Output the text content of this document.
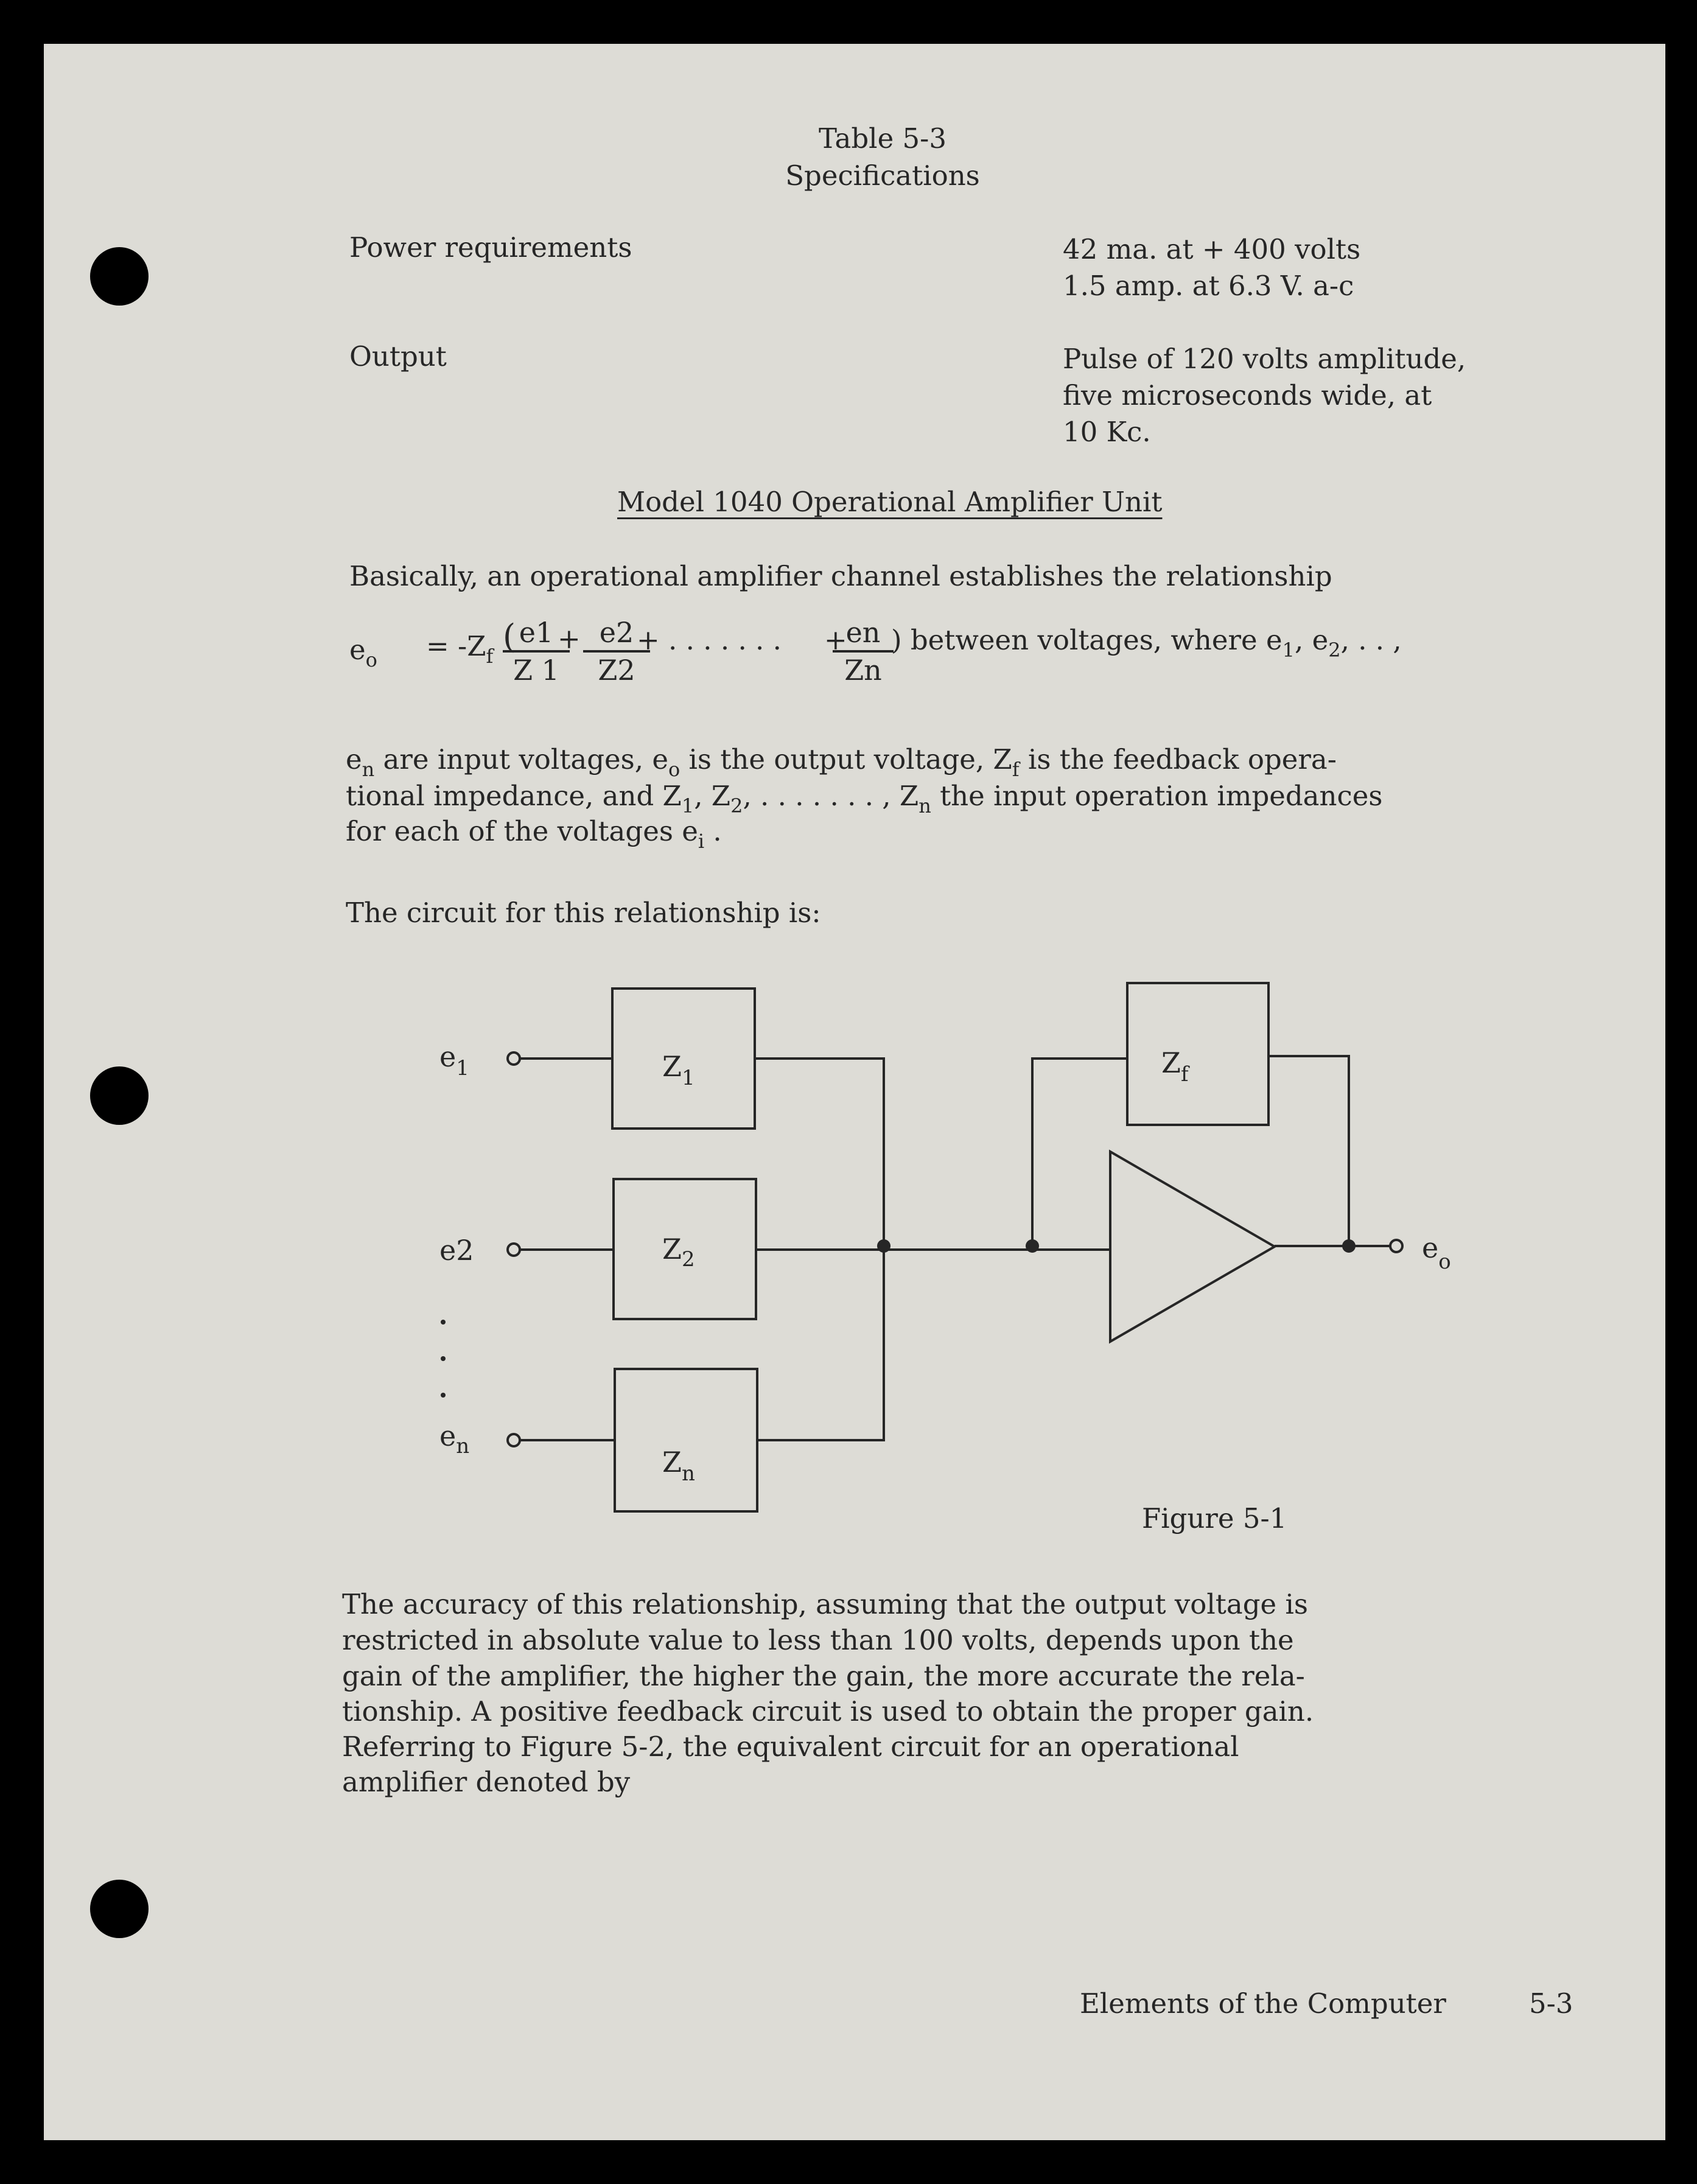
Table 5-3
Specifications
Power requirements	42 ma. at + 400 volts
1.5 amp. at 6.3 V. a-c
Output	Pulse of 120 volts amplitude,
five microseconds wide, at
10 Kc.
Model 1040 Operational Amplifier Unit
Basically, an operational amplifier channel establishes the relationship
$e_o = -Z_f$
(
$\frac{e1}{Z 1}$
+ $\frac{e2}{Z2}$
+ . . . . . . . +
$\frac{en}{Zn}$
) between voltages, where $e_1$, $e_2$, . . ,
$e_n$ are input voltages, $e_o$ is the output voltage, $Z_f$ is the feedback opera-
tional impedance, and $Z_1$, $Z_2$, . . . . . . . , $Z_n$ the input operation impedances
for each of the voltages $e_i$ .
The circuit for this relationship is:
$e_1$
e2
$e_n$
$Z_1$
$Z_2$
$Z_n$
$Z_f$
$e_o$
Figure 5-1
The accuracy of this relationship, assuming that the output voltage is
restricted in absolute value to less than 100 volts, depends upon the
gain of the amplifier, the higher the gain, the more accurate the rela-
tionship. A positive feedback circuit is used to obtain the proper gain.
Referring to Figure 5-2, the equivalent circuit for an operational
amplifier denoted by
Elements of the Computer	5-3
